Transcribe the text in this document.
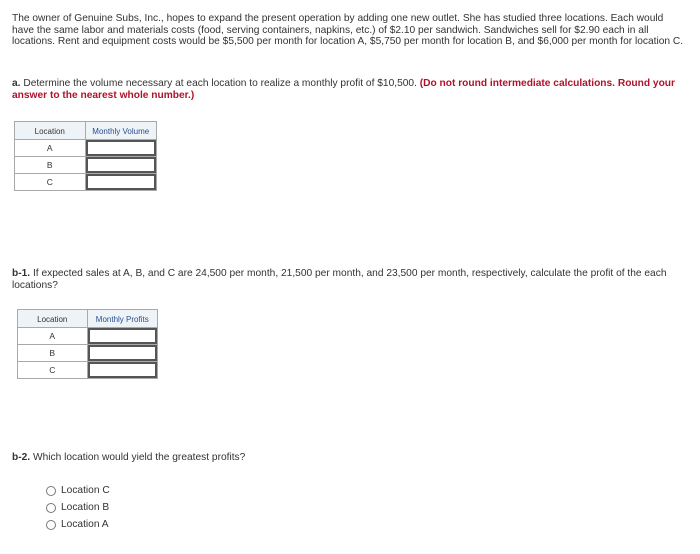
The owner of Genuine Subs, Inc., hopes to expand the present operation by adding one new outlet. She has studied three locations. Each would have the same labor and materials costs (food, serving containers, napkins, etc.) of $2.10 per sandwich. Sandwiches sell for $2.90 each in all locations. Rent and equipment costs would be $5,500 per month for location A, $5,750 per month for location B, and $6,000 per month for location C.

a. Determine the volume necessary at each location to realize a monthly profit of $10,500. (Do not round intermediate calculations. Round your answer to the nearest whole number.)

Location	Monthly Volume
A	

B	

C	

b-1. If expected sales at A, B, and C are 24,500 per month, 21,500 per month, and 23,500 per month, respectively, calculate the profit of the each locations?

Location	Monthly Profits
A	

B	

C	

b-2. Which location would yield the greatest profits?

Location C
Location B
Location A
